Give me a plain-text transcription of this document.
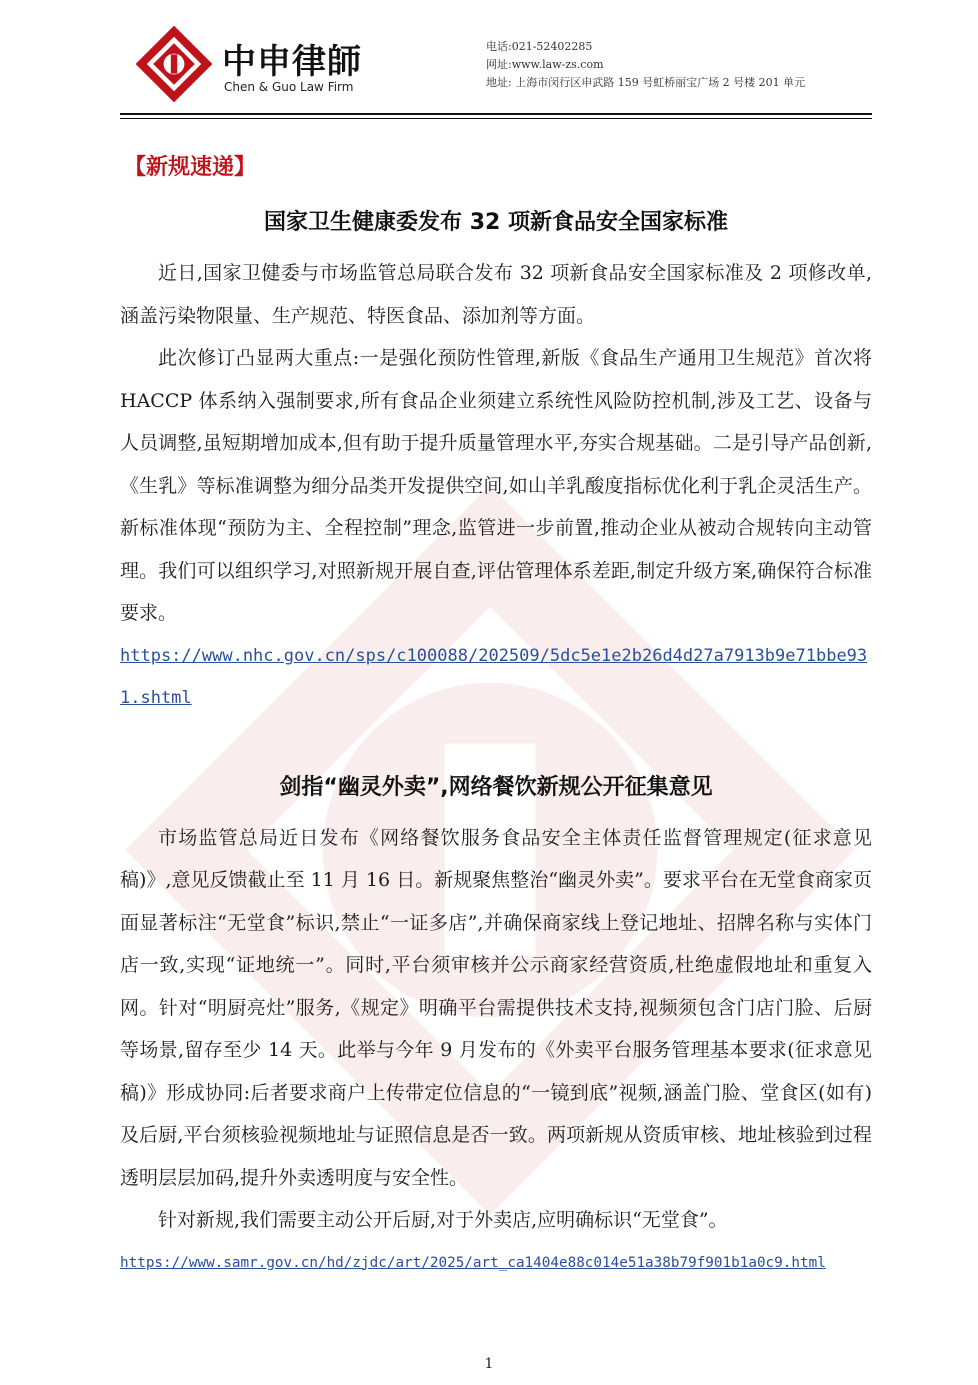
中申律師
Chen & Guo Law Firm
电话:021-52402285
网址:www.law-zs.com
地址: 上海市闵行区申武路 159 号虹桥丽宝广场 2 号楼 201 单元
【新规速递】
国家卫生健康委发布 32 项新食品安全国家标准

近日,国家卫健委与市场监管总局联合发布 32 项新食品安全国家标准及 2 项修改单,涵盖污染物限量、生产规范、特医食品、添加剂等方面。

此次修订凸显两大重点:一是强化预防性管理,新版《食品生产通用卫生规范》首次将 HACCP 体系纳入强制要求,所有食品企业须建立系统性风险防控机制,涉及工艺、设备与人员调整,虽短期增加成本,但有助于提升质量管理水平,夯实合规基础。二是引导产品创新,《生乳》等标准调整为细分品类开发提供空间,如山羊乳酸度指标优化利于乳企灵活生产。新标准体现“预防为主、全程控制”理念,监管进一步前置,推动企业从被动合规转向主动管理。我们可以组织学习,对照新规开展自查,评估管理体系差距,制定升级方案,确保符合标准要求。

https://www.nhc.gov.cn/sps/c100088/202509/5dc5e1e2b26d4d27a7913b9e71bbe931.shtml
剑指“幽灵外卖”,网络餐饮新规公开征集意见

市场监管总局近日发布《网络餐饮服务食品安全主体责任监督管理规定(征求意见稿)》,意见反馈截止至 11 月 16 日。新规聚焦整治“幽灵外卖”。要求平台在无堂食商家页面显著标注“无堂食”标识,禁止“一证多店”,并确保商家线上登记地址、招牌名称与实体门店一致,实现“证地统一”。同时,平台须审核并公示商家经营资质,杜绝虚假地址和重复入网。针对“明厨亮灶”服务,《规定》明确平台需提供技术支持,视频须包含门店门脸、后厨等场景,留存至少 14 天。此举与今年 9 月发布的《外卖平台服务管理基本要求(征求意见稿)》形成协同:后者要求商户上传带定位信息的“一镜到底”视频,涵盖门脸、堂食区(如有)及后厨,平台须核验视频地址与证照信息是否一致。两项新规从资质审核、地址核验到过程透明层层加码,提升外卖透明度与安全性。

针对新规,我们需要主动公开后厨,对于外卖店,应明确标识“无堂食”。

https://www.samr.gov.cn/hd/zjdc/art/2025/art_ca1404e88c014e51a38b79f901b1a0c9.html
1
